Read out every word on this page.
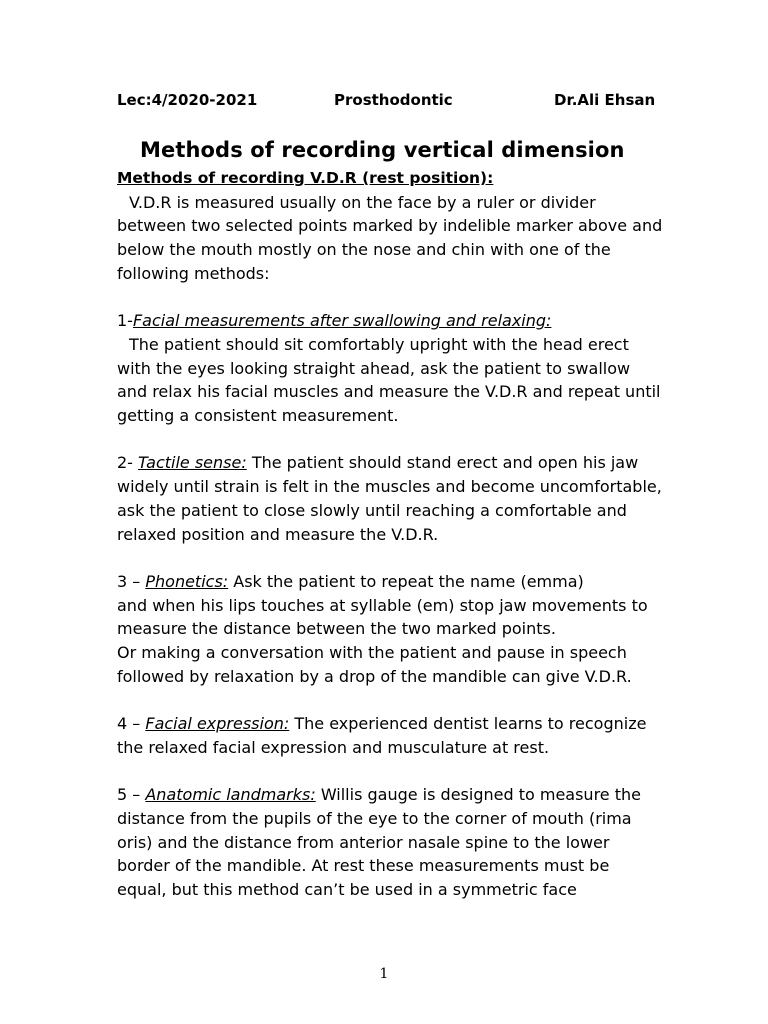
Lec:4/2020-2021	Prosthodontic	Dr.Ali Ehsan
Methods of recording vertical dimension

Methods of recording V.D.R (rest position):

V.D.R is measured usually on the face by a ruler or divider

between two selected points marked by indelible marker above and

below the mouth mostly on the nose and chin with one of the

following methods:

1-Facial measurements after swallowing and relaxing:

The patient should sit comfortably upright with the head erect

with the eyes looking straight ahead, ask the patient to swallow

and relax his facial muscles and measure the V.D.R and repeat until

getting a consistent measurement.

2- Tactile sense: The patient should stand erect and open his jaw

widely until strain is felt in the muscles and become uncomfortable,

ask the patient to close slowly until reaching a comfortable and

relaxed position and measure the V.D.R.

3 – Phonetics: Ask the patient to repeat the name (emma)

and when his lips touches at syllable (em) stop jaw movements to

measure the distance between the two marked points.

Or making a conversation with the patient and pause in speech

followed by relaxation by a drop of the mandible can give V.D.R.

4 – Facial expression: The experienced dentist learns to recognize

the relaxed facial expression and musculature at rest.

5 – Anatomic landmarks: Willis gauge is designed to measure the

distance from the pupils of the eye to the corner of mouth (rima

oris) and the distance from anterior nasale spine to the lower

border of the mandible. At rest these measurements must be

equal, but this method can’t be used in a symmetric face

1
